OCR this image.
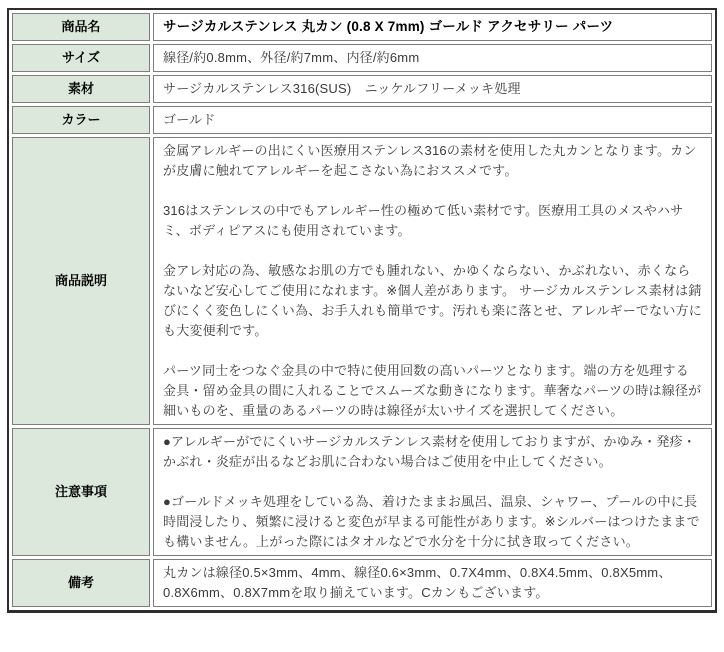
商品名	サージカルステンレス 丸カン (0.8 X 7mm) ゴールド アクセサリー パーツ

サイズ	線径/約0.8mm、外径/約7mm、内径/約6mm

素材	サージカルステンレス316(SUS)　ニッケルフリーメッキ処理

カラー	ゴールド

商品説明	金属アレルギーの出にくい医療用ステンレス316の素材を使用した丸カンとなります。カンが皮膚に触れてアレルギーを起こさない為におススメです。

316はステンレスの中でもアレルギー性の極めて低い素材です。医療用工具のメスやハサミ、ボディピアスにも使用されています。

金アレ対応の為、敏感なお肌の方でも腫れない、かゆくならない、かぶれない、赤くならないなど安心してご使用になれます。※個人差があります。 サージカルステンレス素材は錆びにくく変色しにくい為、お手入れも簡単です。汚れも楽に落とせ、アレルギーでない方にも大変便利です。

パーツ同士をつなぐ金具の中で特に使用回数の高いパーツとなります。端の方を処理する金具・留め金具の間に入れることでスムーズな動きになります。華奢なパーツの時は線径が細いものを、重量のあるパーツの時は線径が太いサイズを選択してください。

注意事項	●アレルギーがでにくいサージカルステンレス素材を使用しておりますが、かゆみ・発疹・かぶれ・炎症が出るなどお肌に合わない場合はご使用を中止してください。

●ゴールドメッキ処理をしている為、着けたままお風呂、温泉、シャワー、プールの中に長時間浸したり、頻繁に浸けると変色が早まる可能性があります。※シルバーはつけたままでも構いません。上がった際にはタオルなどで水分を十分に拭き取ってください。

備考	丸カンは線径0.5×3mm、4mm、線径0.6×3mm、0.7X4mm、0.8X4.5mm、0.8X5mm、0.8X6mm、0.8X7mmを取り揃えています。Cカンもございます。
